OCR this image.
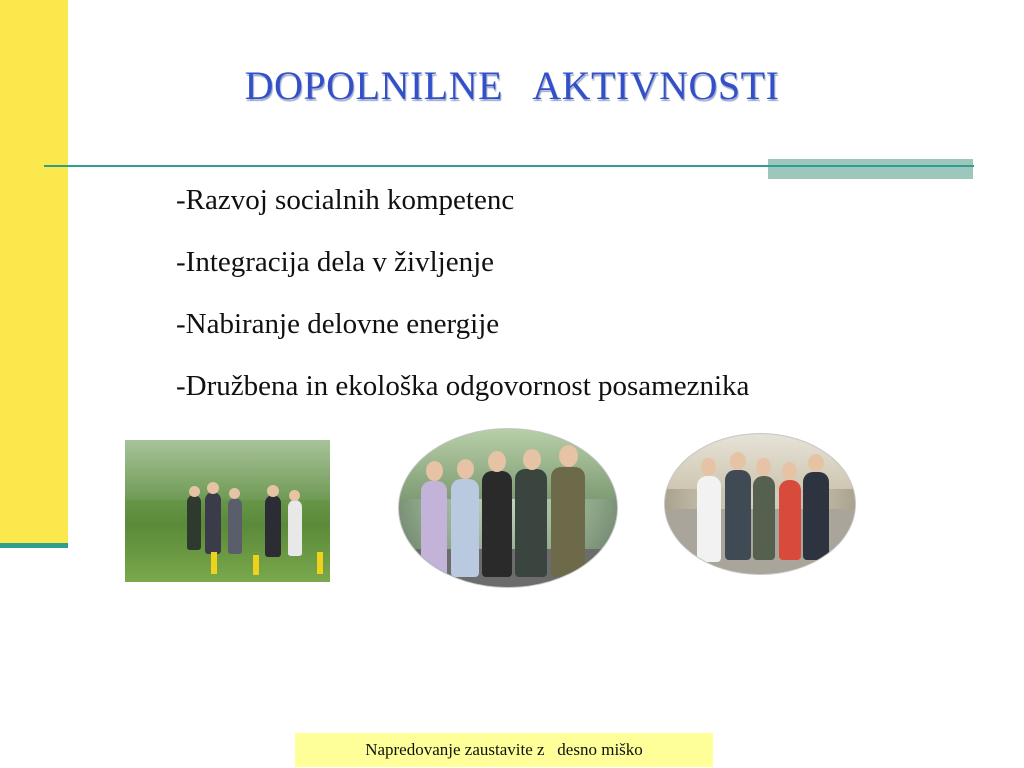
DOPOLNILNE   AKTIVNOSTI
-Razvoj socialnih kompetenc
-Integracija dela v življenje
-Nabiranje delovne energije
-Družbena in ekološka odgovornost posameznika
Napredovanje zaustavite z   desno miško
